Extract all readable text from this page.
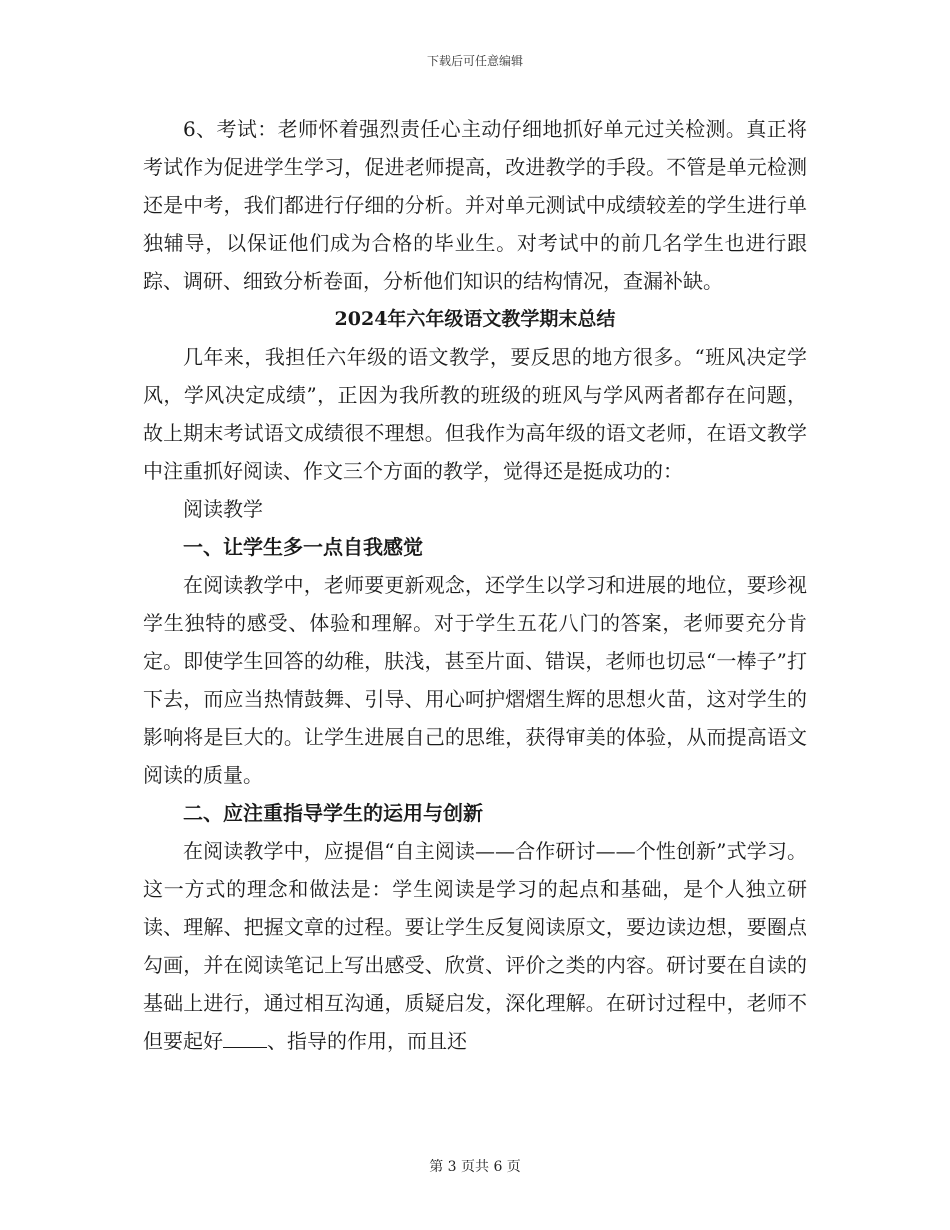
下载后可任意编辑

6、考试：老师怀着强烈责任心主动仔细地抓好单元过关检测。真正将考试作为促进学生学习，促进老师提高，改进教学的手段。不管是单元检测还是中考，我们都进行仔细的分析。并对单元测试中成绩较差的学生进行单独辅导，以保证他们成为合格的毕业生。对考试中的前几名学生也进行跟踪、调研、细致分析卷面，分析他们知识的结构情况，查漏补缺。

2024年六年级语文教学期末总结

几年来，我担任六年级的语文教学，要反思的地方很多。“班风决定学风，学风决定成绩”，正因为我所教的班级的班风与学风两者都存在问题，故上期末考试语文成绩很不理想。但我作为高年级的语文老师，在语文教学中注重抓好阅读、作文三个方面的教学，觉得还是挺成功的：

阅读教学

一、让学生多一点自我感觉

在阅读教学中，老师要更新观念，还学生以学习和进展的地位，要珍视学生独特的感受、体验和理解。对于学生五花八门的答案，老师要充分肯定。即使学生回答的幼稚，肤浅，甚至片面、错误，老师也切忌“一棒子”打下去，而应当热情鼓舞、引导、用心呵护熠熠生辉的思想火苗，这对学生的影响将是巨大的。让学生进展自己的思维，获得审美的体验，从而提高语文阅读的质量。

二、应注重指导学生的运用与创新

在阅读教学中，应提倡“自主阅读——合作研讨——个性创新”式学习。这一方式的理念和做法是：学生阅读是学习的起点和基础，是个人独立研读、理解、把握文章的过程。要让学生反复阅读原文，要边读边想，要圈点勾画，并在阅读笔记上写出感受、欣赏、评价之类的内容。研讨要在自读的基础上进行，通过相互沟通，质疑启发，深化理解。在研讨过程中，老师不但要起好 、指导的作用，而且还

第 3 页共 6 页
